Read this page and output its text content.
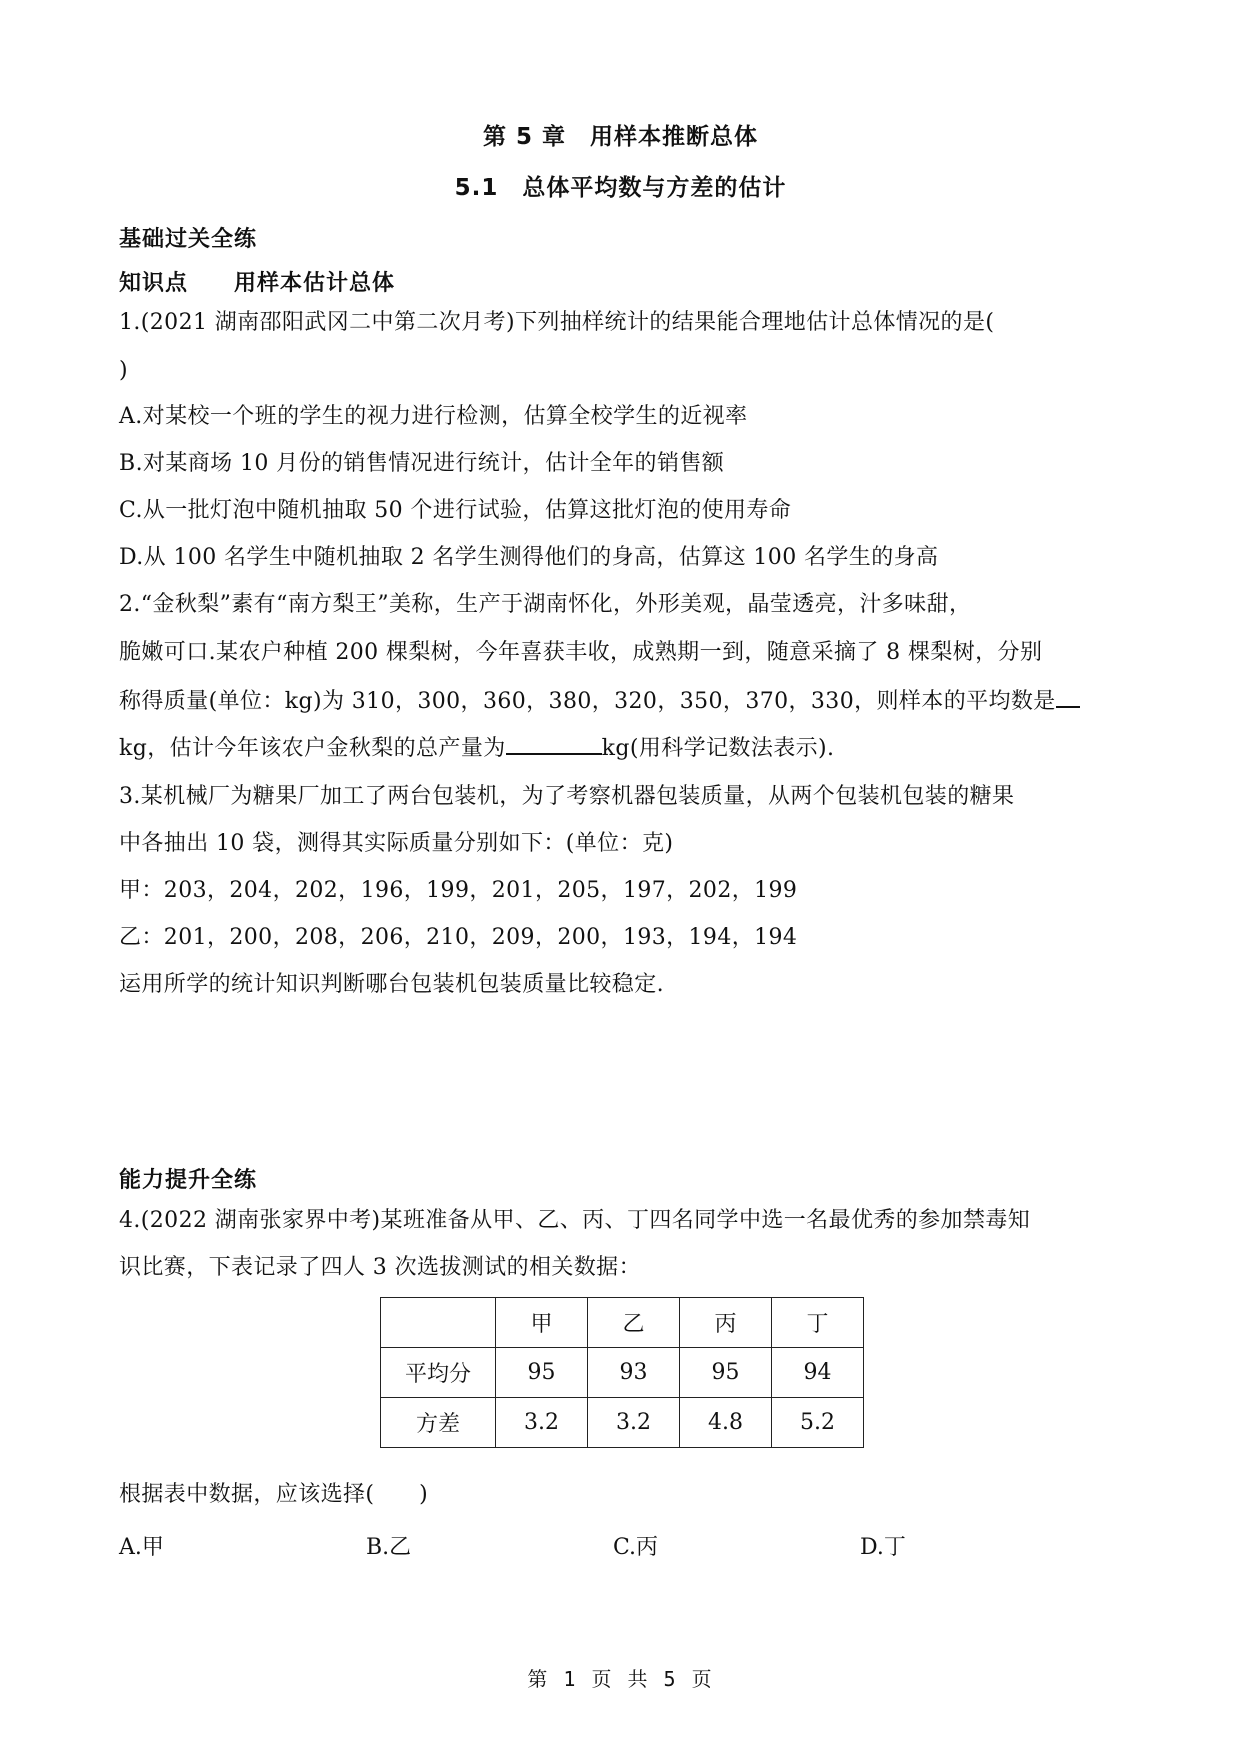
第 5 章　用样本推断总体
5.1　总体平均数与方差的估计
基础过关全练
知识点　　用样本估计总体
1.(2021 湖南邵阳武冈二中第二次月考)下列抽样统计的结果能合理地估计总体情况的是(
)
A.对某校一个班的学生的视力进行检测，估算全校学生的近视率
B.对某商场 10 月份的销售情况进行统计，估计全年的销售额
C.从一批灯泡中随机抽取 50 个进行试验，估算这批灯泡的使用寿命
D.从 100 名学生中随机抽取 2 名学生测得他们的身高，估算这 100 名学生的身高
2.“金秋梨”素有“南方梨王”美称，生产于湖南怀化，外形美观，晶莹透亮，汁多味甜，
脆嫩可口.某农户种植 200 棵梨树，今年喜获丰收，成熟期一到，随意采摘了 8 棵梨树，分别
称得质量(单位：kg)为 310，300，360，380，320，350，370，330，则样本的平均数是
kg，估计今年该农户金秋梨的总产量为	kg(用科学记数法表示).
3.某机械厂为糖果厂加工了两台包装机，为了考察机器包装质量，从两个包装机包装的糖果
中各抽出 10 袋，测得其实际质量分别如下：(单位：克)
甲：203，204，202，196，199，201，205，197，202，199
乙：201，200，208，206，210，209，200，193，194，194
运用所学的统计知识判断哪台包装机包装质量比较稳定.
能力提升全练
4.(2022 湖南张家界中考)某班准备从甲、乙、丙、丁四名同学中选一名最优秀的参加禁毒知
识比赛，下表记录了四人 3 次选拔测试的相关数据：
	甲	乙	丙	丁
平均分	95	93	95	94
方差	3.2	3.2	4.8	5.2
根据表中数据，应该选择(　　)
A.甲	B.乙	C.丙	D.丁
第 1 页 共 5 页
